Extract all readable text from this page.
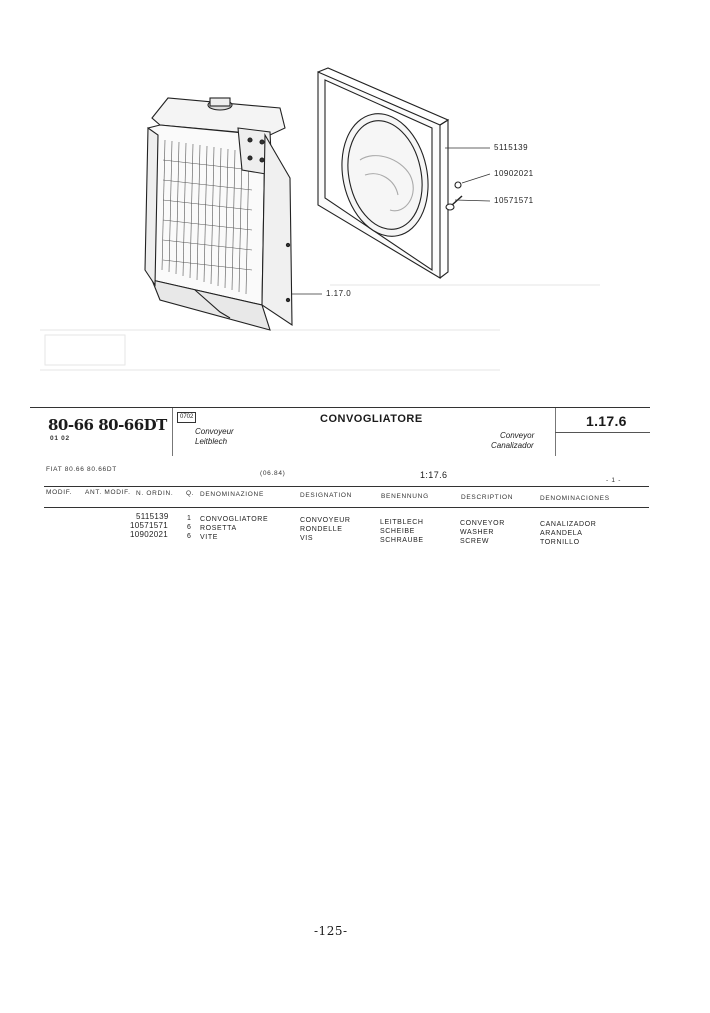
5115139
10902021
10571571
1.17.0
80-66 80-66DT
01 02
0702
Convoyeur
Leitblech
CONVOGLIATORE
Conveyor
Canalizador
1.17.6
FIAT 80.66 80.66DT
(06.84)	1:17.6
- 1 -
MODIF. ANT. MODIF. N. ORDIN. Q. DENOMINAZIONE	DESIGNATION	BENENNUNG	DESCRIPTION	DENOMINACIONES
5115139	1 CONVOGLIATORE	CONVOYEUR	LEITBLECH	CONVEYOR	CANALIZADOR
10571571	6 ROSETTA	RONDELLE	SCHEIBE	WASHER	ARANDELA
10902021	6 VITE	VIS	SCHRAUBE	SCREW	TORNILLO
-125-
